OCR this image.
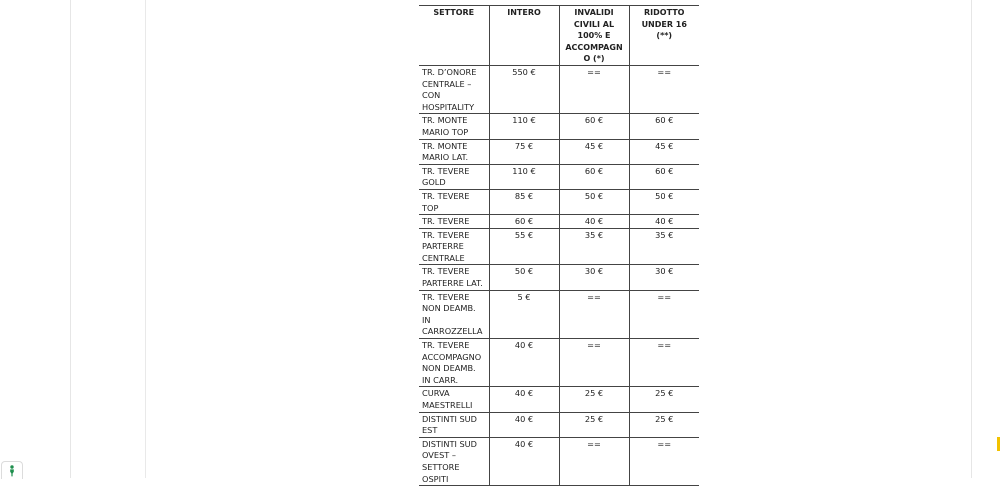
SETTORE	INTERO	INVALIDI CIVILI AL 100% E ACCOMPAGNO (*)	RIDOTTO UNDER 16 (**)
TR. D’ONORE CENTRALE – CON HOSPITALITY	550 €	==	==
TR. MONTE MARIO TOP	110 €	60 €	60 €
TR. MONTE MARIO LAT.	75 €	45 €	45 €
TR. TEVERE GOLD	110 €	60 €	60 €
TR. TEVERE TOP	85 €	50 €	50 €
TR. TEVERE	60 €	40 €	40 €
TR. TEVERE PARTERRE CENTRALE	55 €	35 €	35 €
TR. TEVERE PARTERRE LAT.	50 €	30 €	30 €
TR. TEVERE NON DEAMB. IN CARROZZELLA	5 €	==	==
TR. TEVERE ACCOMPAGNO NON DEAMB. IN CARR.	40 €	==	==
CURVA MAESTRELLI	40 €	25 €	25 €
DISTINTI SUD EST	40 €	25 €	25 €
DISTINTI SUD OVEST – SETTORE OSPITI	40 €	==	==
